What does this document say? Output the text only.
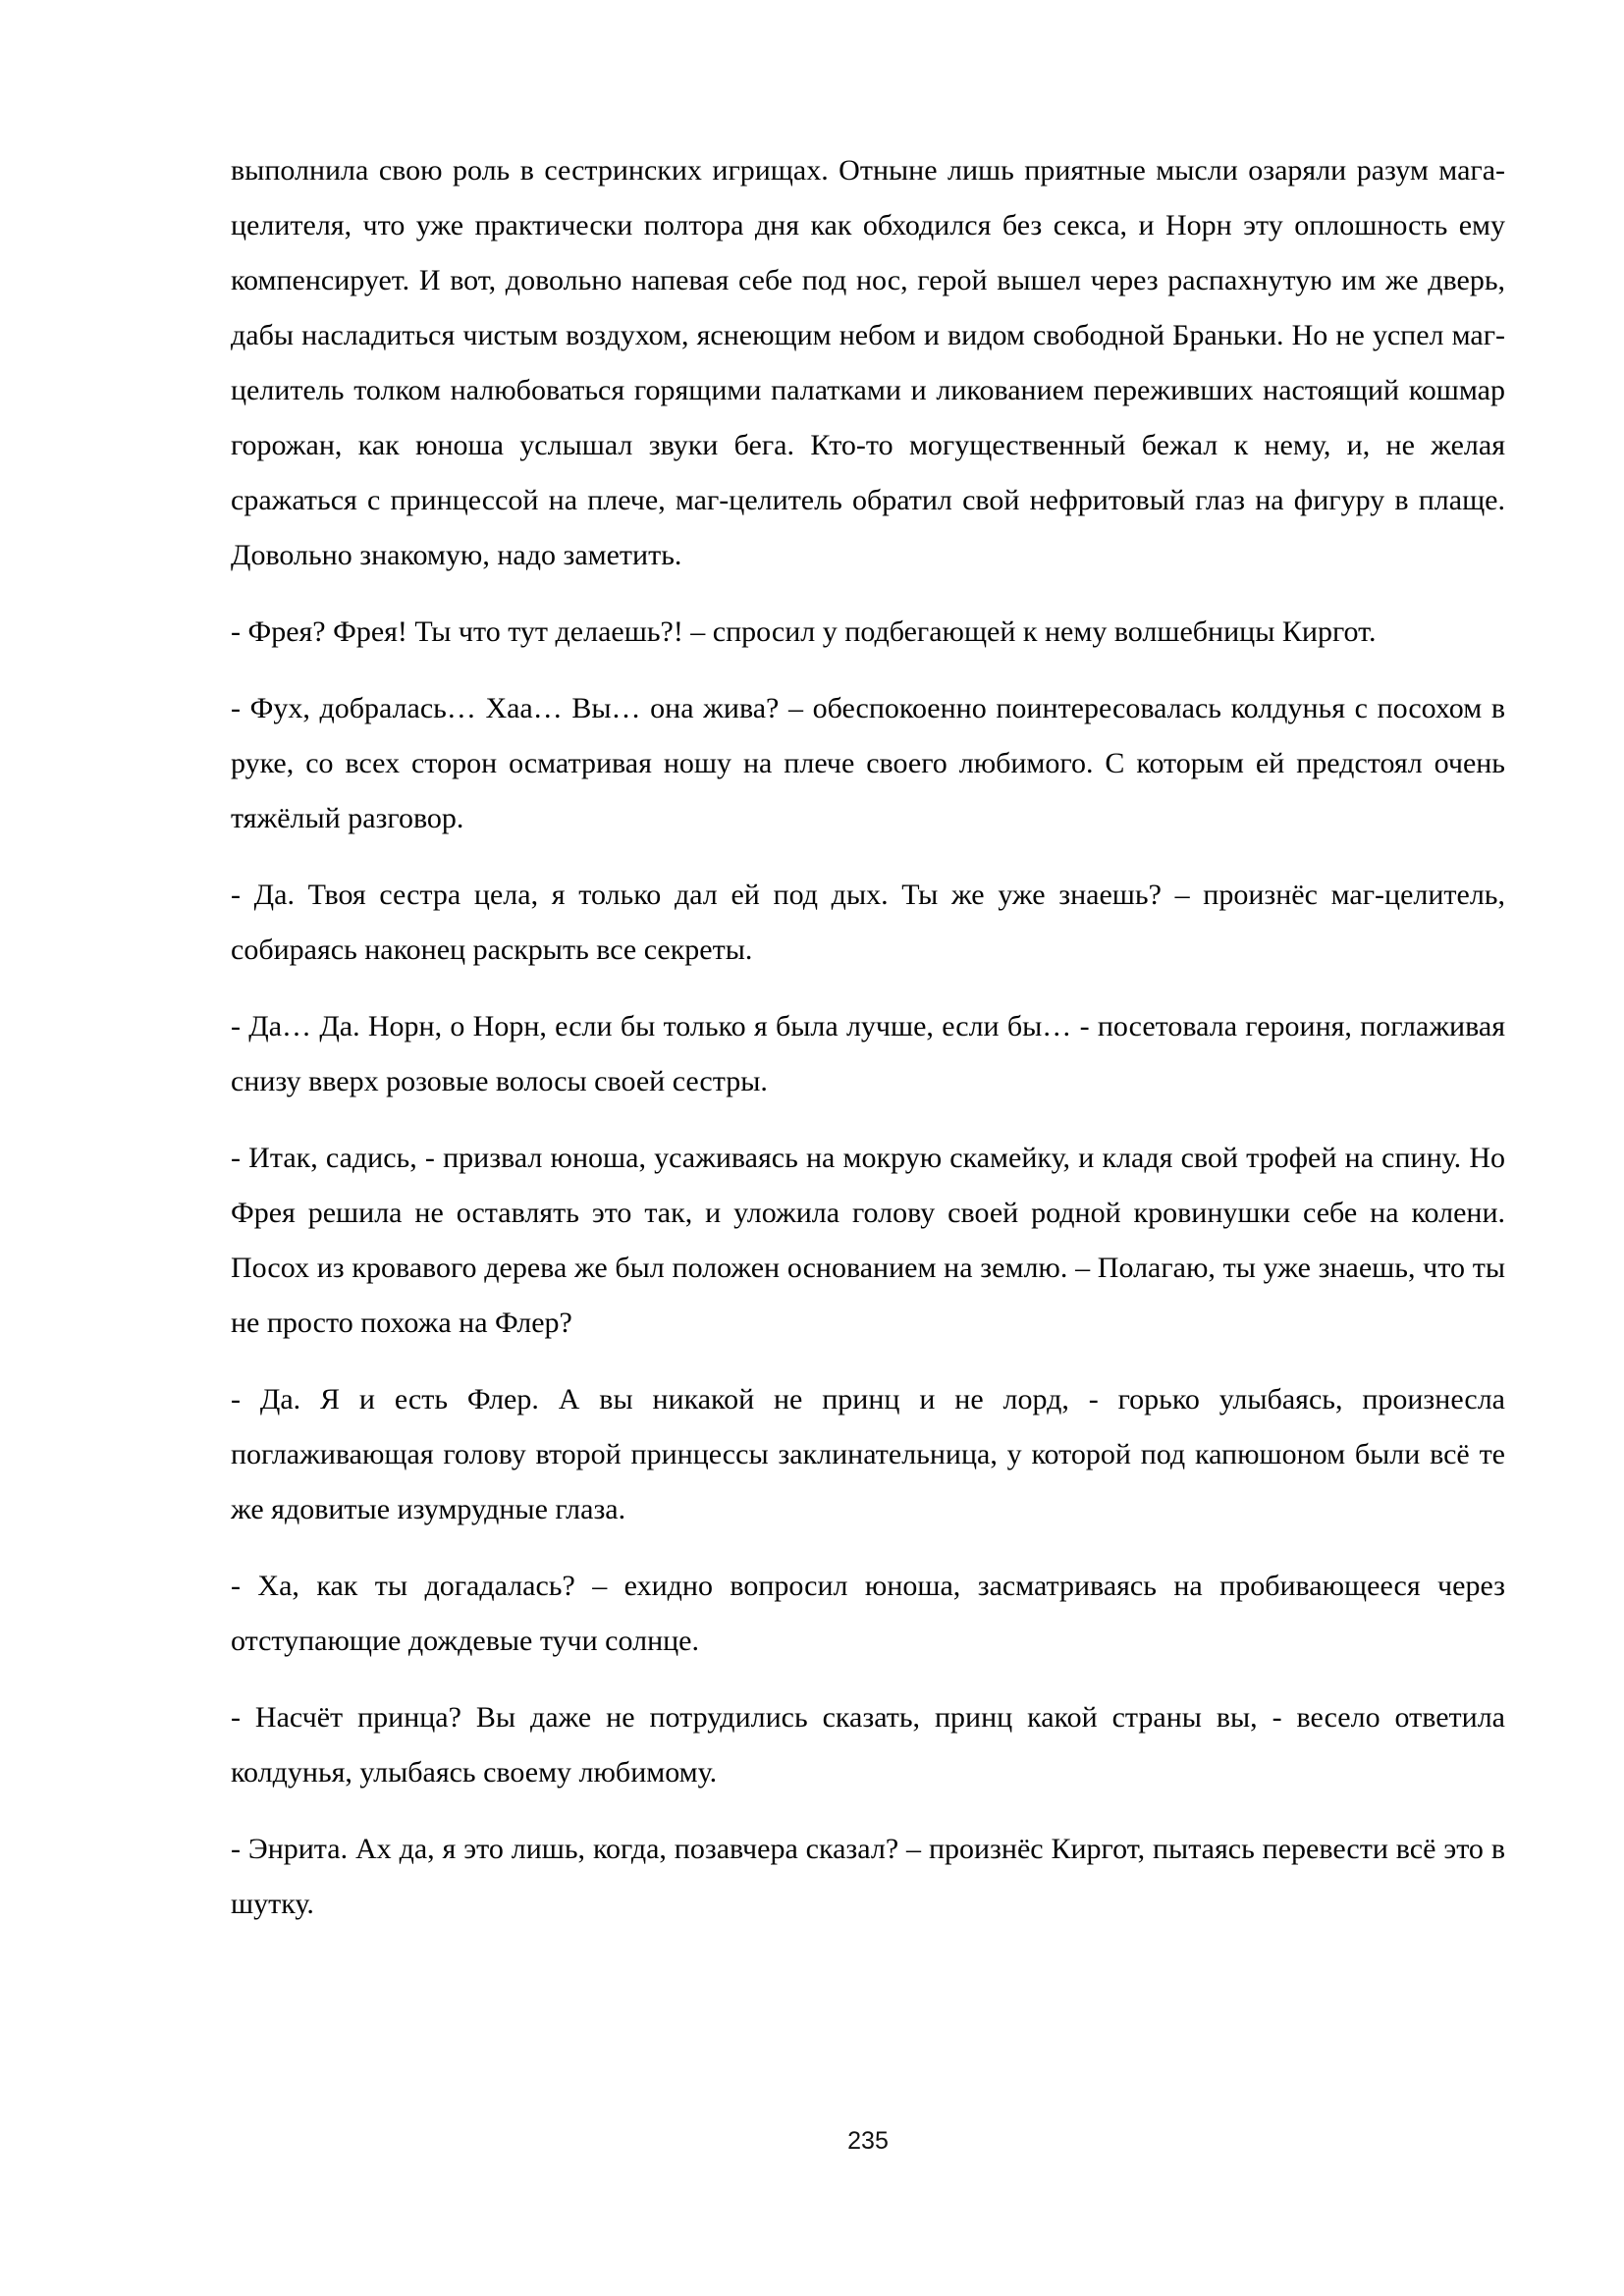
выполнила свою роль в сестринских игрищах. Отныне лишь приятные мысли озаряли разум мага-целителя, что уже практически полтора дня как обходился без секса, и Норн эту оплошность ему компенсирует. И вот, довольно напевая себе под нос, герой вышел через распахнутую им же дверь, дабы насладиться чистым воздухом, яснеющим небом и видом свободной Браньки. Но не успел маг-целитель толком налюбоваться горящими палатками и ликованием переживших настоящий кошмар горожан, как юноша услышал звуки бега. Кто-то могущественный бежал к нему, и, не желая сражаться с принцессой на плече, маг-целитель обратил свой нефритовый глаз на фигуру в плаще. Довольно знакомую, надо заметить.

- Фрея? Фрея! Ты что тут делаешь?! – спросил у подбегающей к нему волшебницы Киргот.

- Фух, добралась… Хаа… Вы… она жива? – обеспокоенно поинтересовалась колдунья с посохом в руке, со всех сторон осматривая ношу на плече своего любимого. С которым ей предстоял очень тяжёлый разговор.

- Да. Твоя сестра цела, я только дал ей под дых. Ты же уже знаешь? – произнёс маг-целитель, собираясь наконец раскрыть все секреты.

- Да… Да. Норн, о Норн, если бы только я была лучше, если бы… - посетовала героиня, поглаживая снизу вверх розовые волосы своей сестры.

- Итак, садись, - призвал юноша, усаживаясь на мокрую скамейку, и кладя свой трофей на спину. Но Фрея решила не оставлять это так, и уложила голову своей родной кровинушки себе на колени. Посох из кровавого дерева же был положен основанием на землю. – Полагаю, ты уже знаешь, что ты не просто похожа на Флер?

- Да. Я и есть Флер. А вы никакой не принц и не лорд, - горько улыбаясь, произнесла поглаживающая голову второй принцессы заклинательница, у которой под капюшоном были всё те же ядовитые изумрудные глаза.

- Ха, как ты догадалась? – ехидно вопросил юноша, засматриваясь на пробивающееся через отступающие дождевые тучи солнце.

- Насчёт принца? Вы даже не потрудились сказать, принц какой страны вы, - весело ответила колдунья, улыбаясь своему любимому.

- Энрита. Ах да, я это лишь, когда, позавчера сказал? – произнёс Киргот, пытаясь перевести всё это в шутку.

235
